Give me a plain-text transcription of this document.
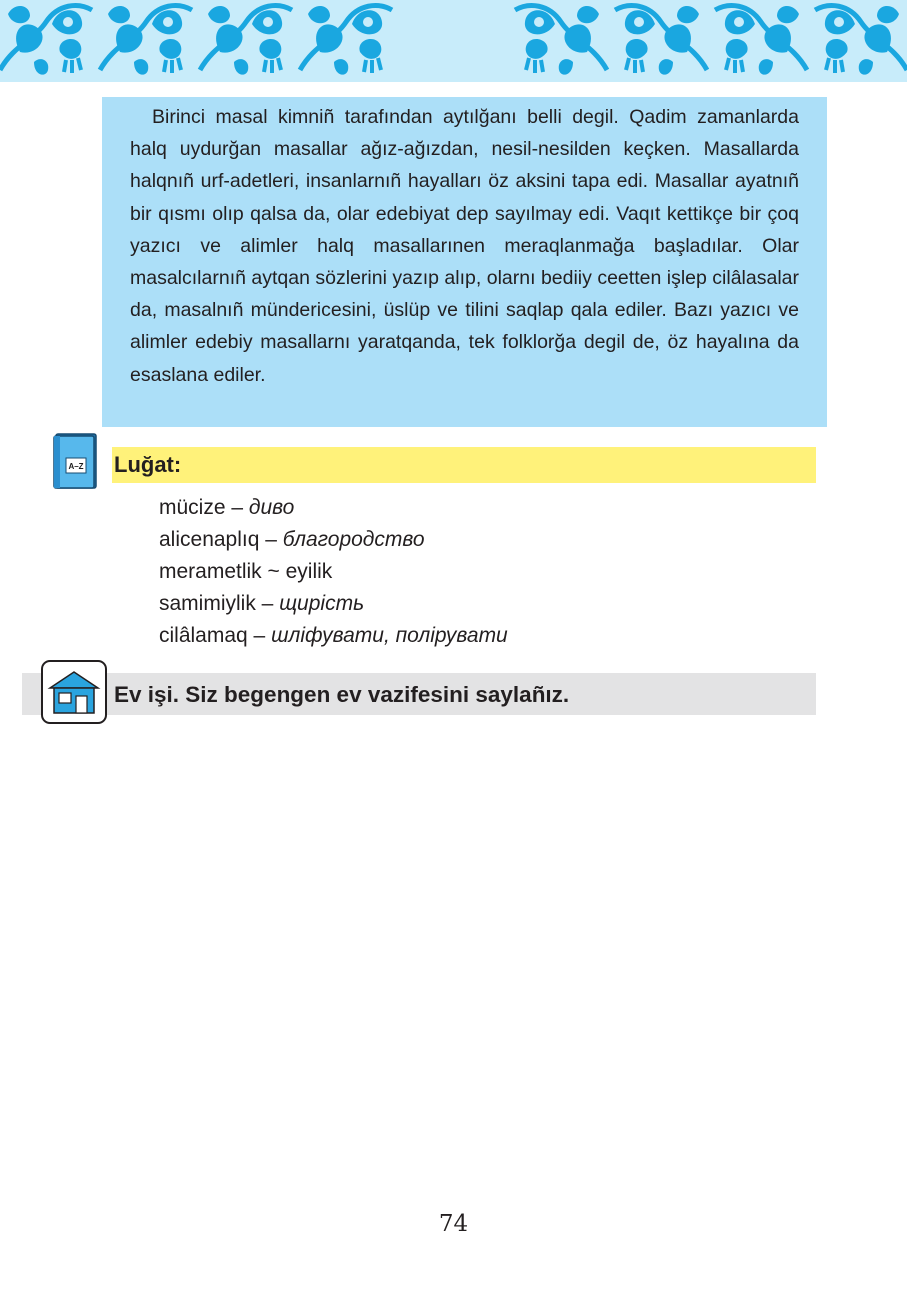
Birinci masal kimniñ tarafından aytılğanı belli degil. Qadim zamanlarda halq uydurğan masallar ağız-ağızdan, nesil-nesilden keçken. Masallarda halqnıñ urf-adetleri, insanlarnıñ hayalları öz aksini tapa edi. Masallar ayatnıñ bir qısmı olıp qalsa da, olar edebiyat dep sayılmay edi. Vaqıt kettikçe bir çoq yazıcı ve alimler halq masallarınen meraqlanmağa başladılar. Olar masalcılarnıñ aytqan sözlerini yazıp alıp, olarnı bediiy ceetten işlep cilâlasalar da, masalnıñ mündericesini, üslüp ve tilini saqlap qala ediler. Bazı yazıcı ve alimler edebiy masallarnı yaratqanda, tek folklorğa degil de, öz hayalına da esaslana ediler.

A–Z Luğat:
mücize – диво
alicenaplıq – благородство
merametlik ~ eyilik
samimiylik – щирість
cilâlamaq – шліфувати, полірувати
Ev işi. Siz begengen ev vazifesini saylañız.
74
